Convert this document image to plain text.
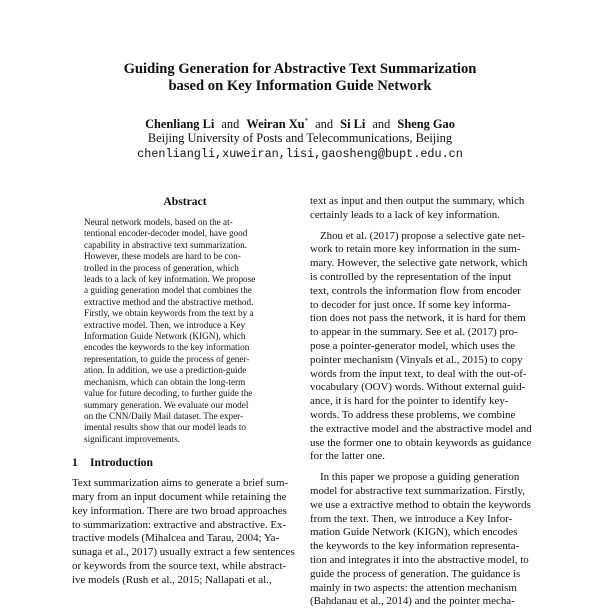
Guiding Generation for Abstractive Text Summarization
based on Key Information Guide Network
Chenliang Li and Weiran Xu* and Si Li and Sheng Gao
Beijing University of Posts and Telecommunications, Beijing
chenliangli,xuweiran,lisi,gaosheng@bupt.edu.cn
Abstract

Neural network models, based on the at-
tentional encoder-decoder model, have good
capability in abstractive text summarization.
However, these models are hard to be con-
trolled in the process of generation, which
leads to a lack of key information. We propose
a guiding generation model that combines the
extractive method and the abstractive method.
Firstly, we obtain keywords from the text by a
extractive model. Then, we introduce a Key
Information Guide Network (KIGN), which
encodes the keywords to the key information
representation, to guide the process of gener-
ation. In addition, we use a prediction-guide
mechanism, which can obtain the long-term
value for future decoding, to further guide the
summary generation. We evaluate our model
on the CNN/Daily Mail dataset. The exper-
imental results show that our model leads to
significant improvements.

1 Introduction

Text summarization aims to generate a brief sum-
mary from an input document while retaining the
key information. There are two broad approaches
to summarization: extractive and abstractive. Ex-
tractive models (Mihalcea and Tarau, 2004; Ya-
sunaga et al., 2017) usually extract a few sentences
or keywords from the source text, while abstract-
ive models (Rush et al., 2015; Nallapati et al.,

text as input and then output the summary, which
certainly leads to a lack of key information.

Zhou et al. (2017) propose a selective gate net-
work to retain more key information in the sum-
mary. However, the selective gate network, which
is controlled by the representation of the input
text, controls the information flow from encoder
to decoder for just once. If some key informa-
tion does not pass the network, it is hard for them
to appear in the summary. See et al. (2017) pro-
pose a pointer-generator model, which uses the
pointer mechanism (Vinyals et al., 2015) to copy
words from the input text, to deal with the out-of-
vocabulary (OOV) words. Without external guid-
ance, it is hard for the pointer to identify key-
words. To address these problems, we combine
the extractive model and the abstractive model and
use the former one to obtain keywords as guidance
for the latter one.

In this paper we propose a guiding generation
model for abstractive text summarization. Firstly,
we use a extractive method to obtain the keywords
from the text. Then, we introduce a Key Infor-
mation Guide Network (KIGN), which encodes
the keywords to the key information representa-
tion and integrates it into the abstractive model, to
guide the process of generation. The guidance is
mainly in two aspects: the attention mechanism
(Bahdanau et al., 2014) and the pointer mecha-
